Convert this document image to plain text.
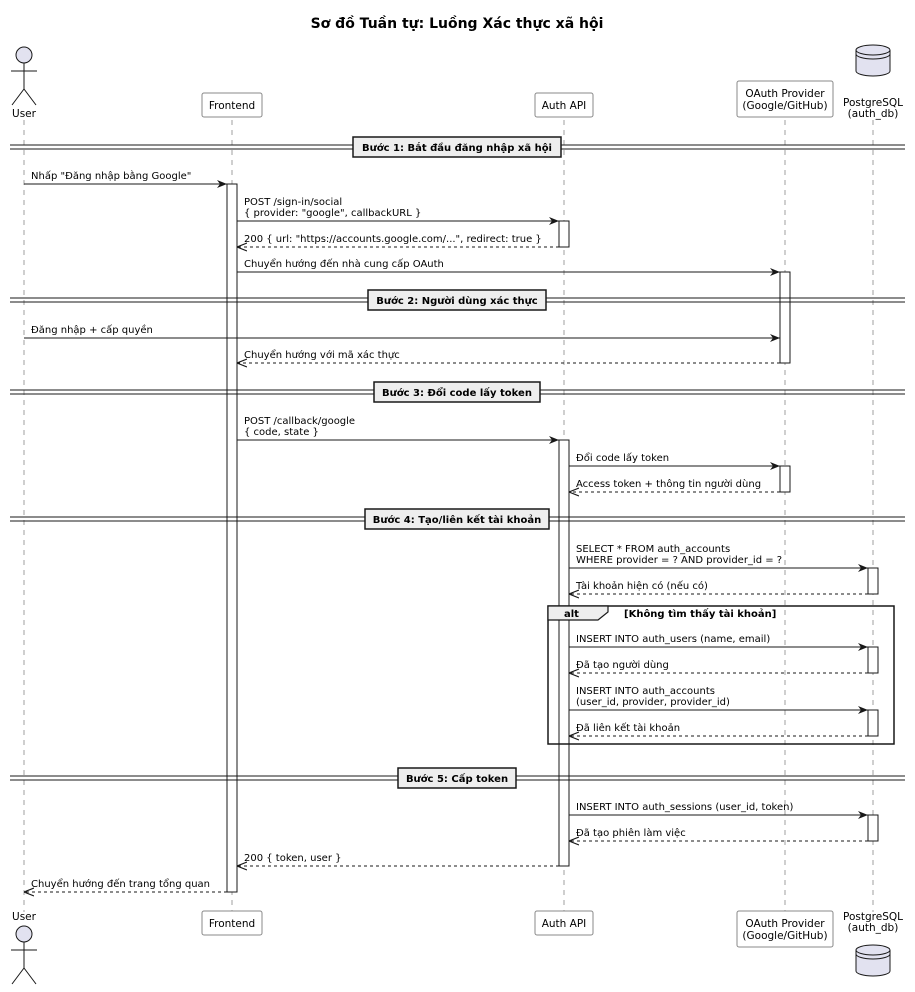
Sơ đồ Tuần tự: Luồng Xác thực xã hội
Bước 1: Bắt đầu đăng nhập xã hội
Bước 2: Người dùng xác thực
Bước 3: Đổi code lấy token
Bước 4: Tạo/liên kết tài khoản
Bước 5: Cấp token
alt	[Không tìm thấy tài khoản]
Nhấp "Đăng nhập bằng Google"
POST /sign-in/social
{ provider: "google", callbackURL }
200 { url: "https://accounts.google.com/...", redirect: true }
Chuyển hướng đến nhà cung cấp OAuth
Đăng nhập + cấp quyền
Chuyển hướng với mã xác thực
POST /callback/google
{ code, state }
Đổi code lấy token
Access token + thông tin người dùng
SELECT * FROM auth_accounts
WHERE provider = ? AND provider_id = ?
Tài khoản hiện có (nếu có)
INSERT INTO auth_users (name, email)
Đã tạo người dùng
INSERT INTO auth_accounts
(user_id, provider, provider_id)
Đã liên kết tài khoản
INSERT INTO auth_sessions (user_id, token)
Đã tạo phiên làm việc
200 { token, user }
Chuyển hướng đến trang tổng quan
User
User
Frontend
Frontend
Auth API
Auth API
OAuth Provider
(Google/GitHub)
OAuth Provider
(Google/GitHub)
PostgreSQL
(auth_db)
PostgreSQL
(auth_db)
